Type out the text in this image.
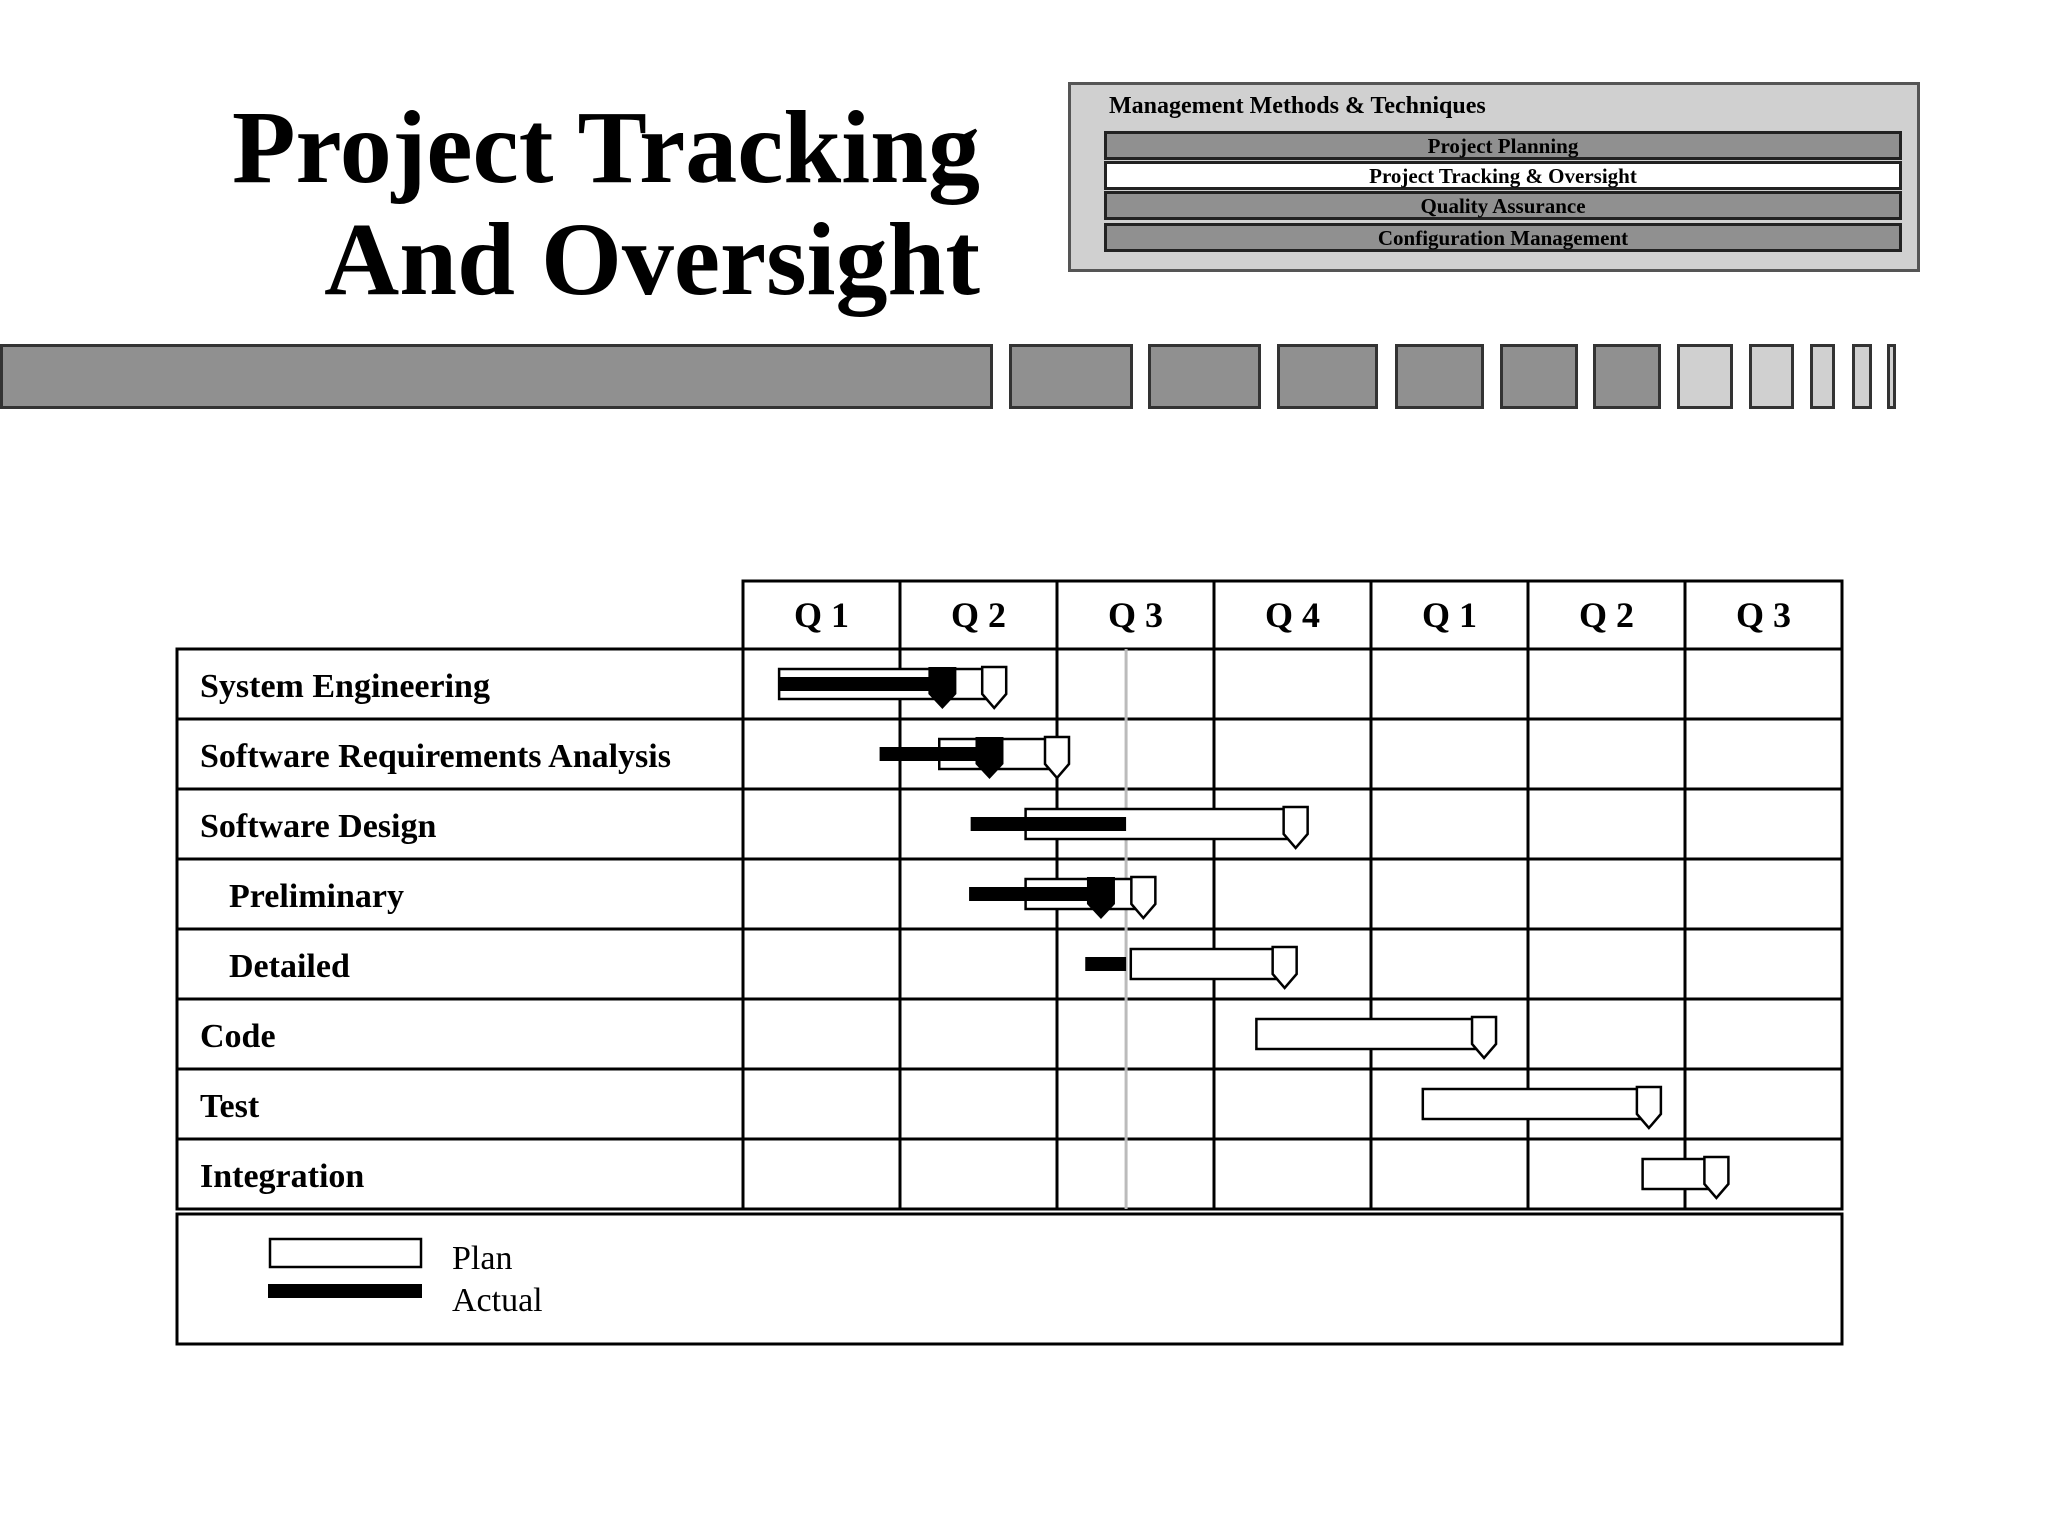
Project Tracking
And Oversight
Management Methods & Techniques
Project Planning
Project Tracking & Oversight
Quality Assurance
Configuration Management
Q 1	Q 2	Q 3	Q 4	Q 1	Q 2	Q 3
System Engineering
Software Requirements Analysis
Software Design
Preliminary
Detailed
Code
Test
Integration
Plan
Actual
